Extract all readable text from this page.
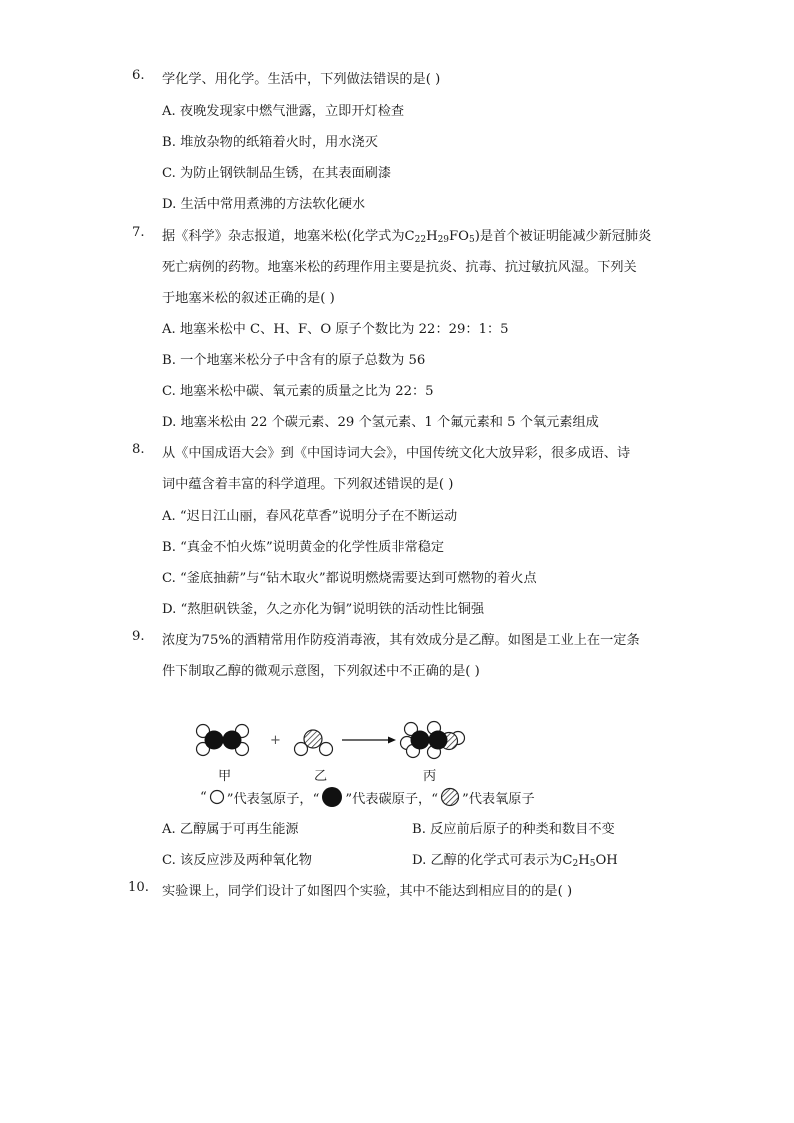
6. 学化学、用化学。生活中，下列做法错误的是( )
A. 夜晚发现家中燃气泄露，立即开灯检查
B. 堆放杂物的纸箱着火时，用水浇灭
C. 为防止钢铁制品生锈，在其表面刷漆
D. 生活中常用煮沸的方法软化硬水
7. 据《科学》杂志报道，地塞米松(化学式为$C_{22}H_{29}FO_5$)是首个被证明能减少新冠肺炎
死亡病例的药物。地塞米松的药理作用主要是抗炎、抗毒、抗过敏抗风湿。下列关
于地塞米松的叙述正确的是( )
A. 地塞米松中 C、H、F、O 原子个数比为 22：29：1：5
B. 一个地塞米松分子中含有的原子总数为 56
C. 地塞米松中碳、氧元素的质量之比为 22：5
D. 地塞米松由 22 个碳元素、29 个氢元素、1 个氟元素和 5 个氧元素组成
8. 从《中国成语大会》到《中国诗词大会》，中国传统文化大放异彩，很多成语、诗
词中蕴含着丰富的科学道理。下列叙述错误的是( )
A. “迟日江山丽，春风花草香”说明分子在不断运动
B. “真金不怕火炼”说明黄金的化学性质非常稳定
C. “釜底抽薪”与“钻木取火”都说明燃烧需要达到可燃物的着火点
D. “熬胆矾铁釜，久之亦化为铜”说明铁的活动性比铜强
9. 浓度为75%的酒精常用作防疫消毒液，其有效成分是乙醇。如图是工业上在一定条
件下制取乙醇的微观示意图，下列叙述中不正确的是( )
+
甲	乙	丙
“ ”代表氢原子，“ ”代表碳原子，“ ”代表氧原子
A. 乙醇属于可再生能源	B. 反应前后原子的种类和数目不变
C. 该反应涉及两种氧化物	D. 乙醇的化学式可表示为$C_2H_5OH$
10. 实验课上，同学们设计了如图四个实验，其中不能达到相应目的的是( )
